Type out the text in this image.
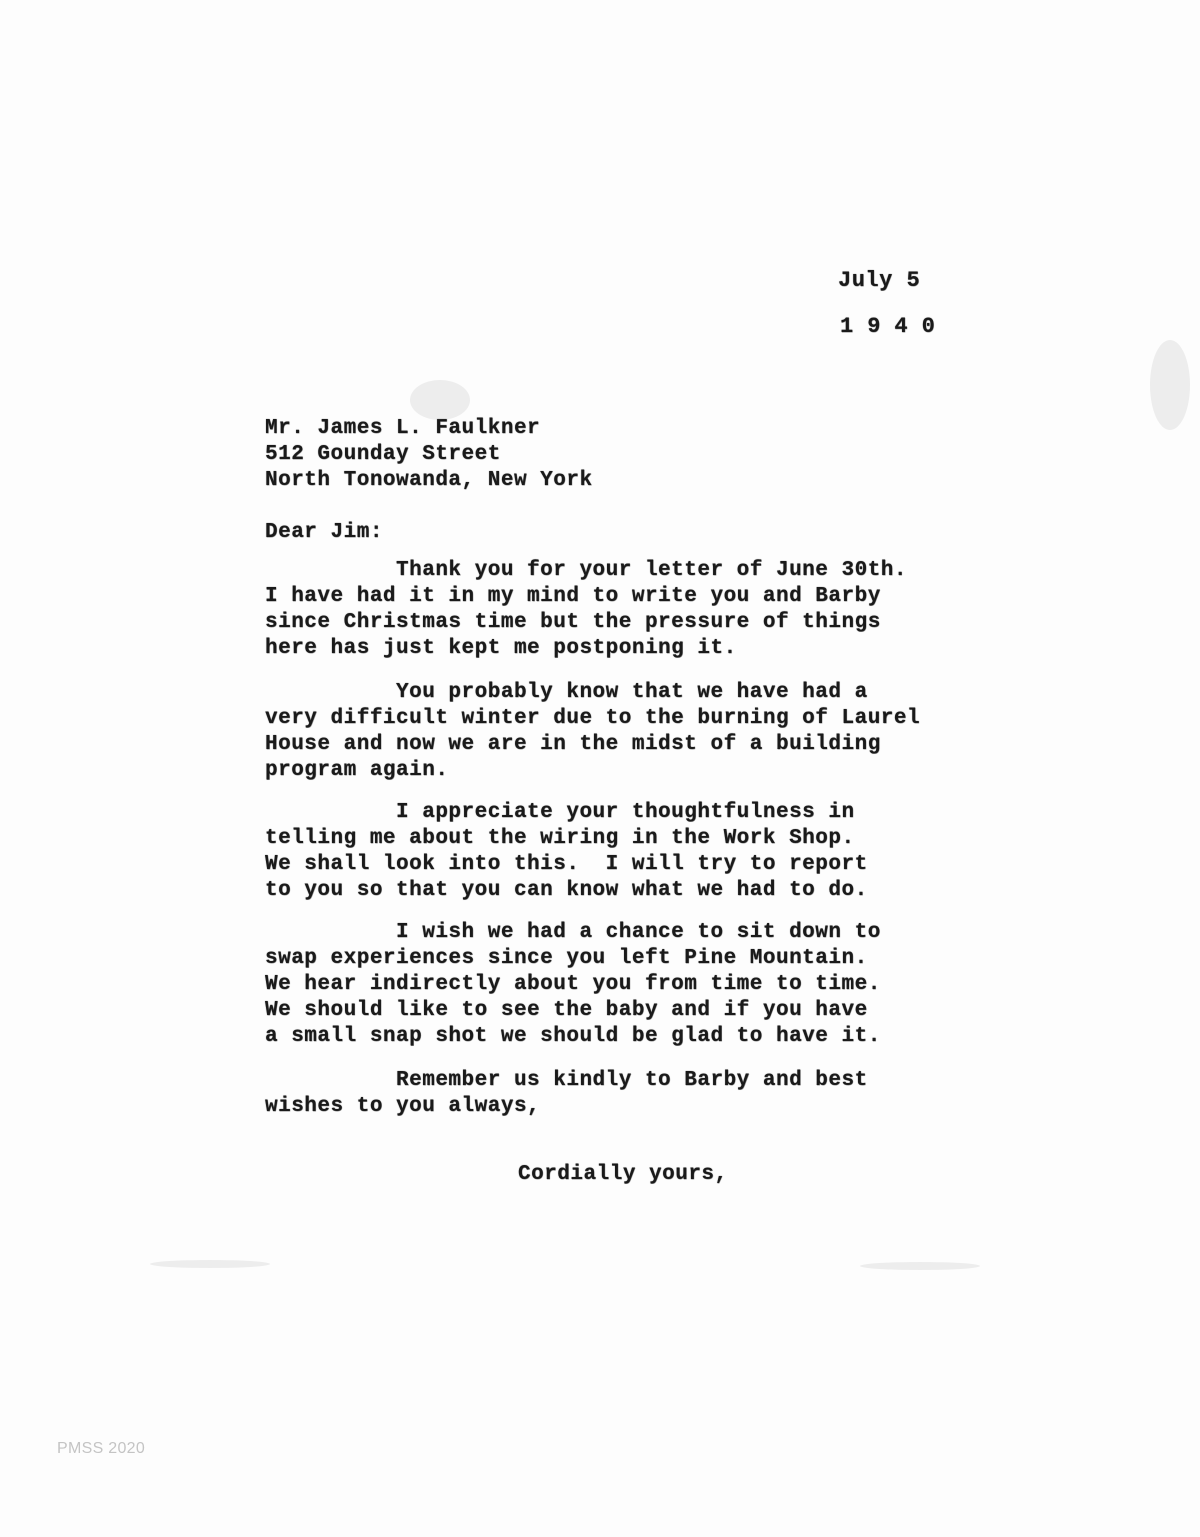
July 5
1940
Mr. James L. Faulkner
512 Gounday Street
North Tonowanda, New York
Dear Jim:
Thank you for your letter of June 30th.
I have had it in my mind to write you and Barby
since Christmas time but the pressure of things
here has just kept me postponing it.
You probably know that we have had a
very difficult winter due to the burning of Laurel
House and now we are in the midst of a building
program again.
I appreciate your thoughtfulness in
telling me about the wiring in the Work Shop.
We shall look into this.  I will try to report
to you so that you can know what we had to do.
I wish we had a chance to sit down to
swap experiences since you left Pine Mountain.
We hear indirectly about you from time to time.
We should like to see the baby and if you have
a small snap shot we should be glad to have it.
Remember us kindly to Barby and best
wishes to you always,
Cordially yours,
PMSS 2020
